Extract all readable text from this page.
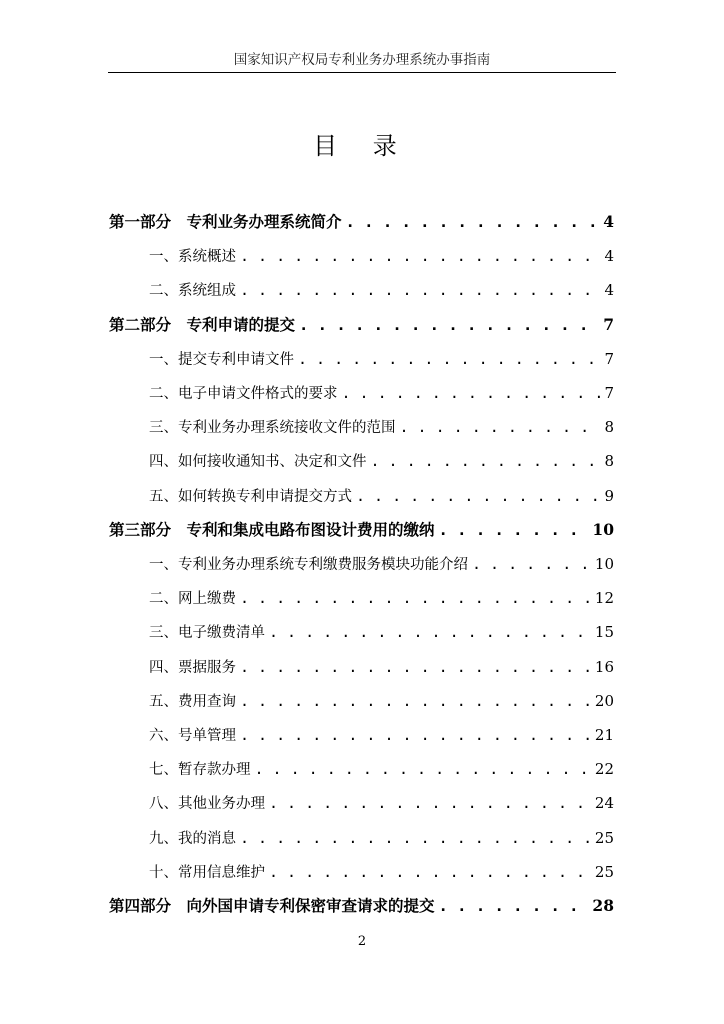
国家知识产权局专利业务办理系统办事指南
目 录
第一部分　专利业务办理系统简介 . . .	4
一、系统概述 . . .	4
二、系统组成 . . .	4
第二部分　专利申请的提交 . . .	7
一、提交专利申请文件 . . .	7
二、电子申请文件格式的要求 . . .	7
三、专利业务办理系统接收文件的范围 . . .	8
四、如何接收通知书、决定和文件 . . .	8
五、如何转换专利申请提交方式 . . .	9
第三部分　专利和集成电路布图设计费用的缴纳 . . .	10
一、专利业务办理系统专利缴费服务模块功能介绍 . . .	10
二、网上缴费 . . .	12
三、电子缴费清单 . . .	15
四、票据服务 . . .	16
五、费用查询 . . .	20
六、号单管理 . . .	21
七、暂存款办理 . . .	22
八、其他业务办理 . . .	24
九、我的消息 . . .	25
十、常用信息维护 . . .	25
第四部分　向外国申请专利保密审查请求的提交 . . .	28
2
